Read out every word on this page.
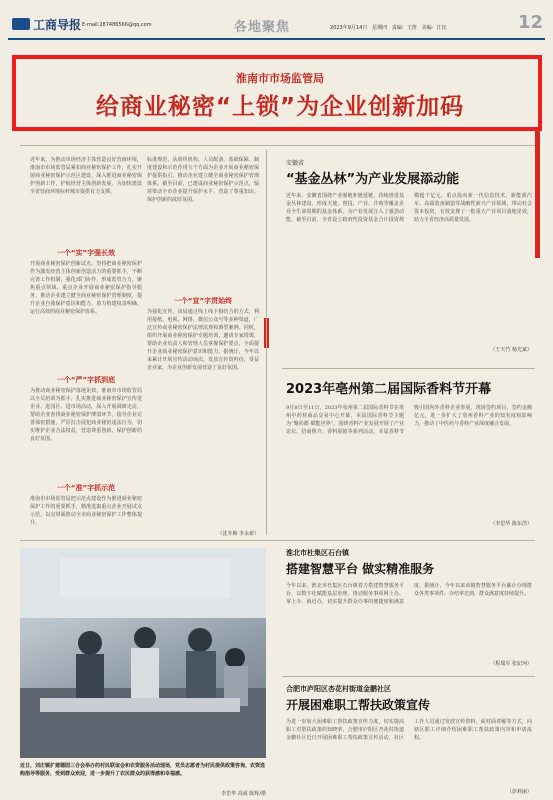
工商导报 E-mail:287486566@qq.com	各地聚焦	2023年9月14日 星期四 责编：王笛 美编：江珏	12
淮南市市场监管局
给商业秘密“上锁”为企业创新加码
近年来，为推动市场经济主体营造良好营商环境，淮南市市场监管局紧扣商业秘密保护工作，扎实开展商业秘密保护示范区建设，深入推进商业秘密保护创新工作，护航经营主体创新发展，为加快建设全省营商环境标杆城市提供有力支撑。
一个“实”字强长效
开展商业秘密保护创新试点，坚持把商业秘密保护作为激发经营主体创新创造活力的重要抓手，不断完善工作机制，强化部门协作，形成监管合力。聚焦重点领域、重点企业开展商业秘密保护指导服务，推动企业建立健全商业秘密保护管理制度，提升企业自我保护意识和能力，着力构建权责明确、运行高效的商业秘密保护体系。
一个“严”字抓到底
为推动商业秘密保护落地见效，淮南市市场监管局以全员培训为抓手，扎实推进商业秘密保护宣传进企业、进园区、进市场活动，深入开展调研走访，帮助企业查找商业秘密保护薄弱环节，指导企业完善保密措施，严厉打击侵犯商业秘密违法行为，切实维护企业合法权益，营造尊重创新、保护创新的良好氛围。
一个“准”字抓示范
淮南市市场监管局把示范点建设作为推进商业秘密保护工作的重要抓手，精准选取重点企业开展试点示范，以点带面推动全市商业秘密保护工作整体提升。
标准规范，从组织机构、人员配备、基础保障、制度建设和示范作用五个方面为企业开展商业秘密保护提供指引，推动企业建立健全商业秘密保护管理体系。截至目前，已建成商业秘密保护示范点，辐射带动全市企业提升保护水平，营造了尊重知识、保护创新的浓厚氛围。
一个“宣”字贯始终
为强化宣传，该局通过线上线下相结合的方式，利用报纸、电视、网络、微信公众号等多种渠道，广泛宣传商业秘密保护法律法规和典型案例。同时，组织开展商业秘密保护专题培训，邀请专家授课，帮助企业负责人和管理人员掌握保护要点，全面提升企业商业秘密保护意识和能力。据统计，今年以来累计开展宣传活动场次，发放宣传资料份，受益企业家，为企业创新发展营造了良好氛围。
（沈冬梅 李永新）
安徽省
“基金丛林”为产业发展添动能
近年来，安徽省围绕产业强链补链延链，持续推进基金丛林建设，形成天使、创投、产业、并购等覆盖企业全生命周期的基金体系，为产业发展注入了强劲动能。截至目前，全省设立政府性投资基金合计投资规模超千亿元，重点投向新一代信息技术、新能源汽车、高端装备制造等战略性新兴产业领域，带动社会资本投资，有效支撑了一批重大产业项目落地见效，助力全省经济高质量发展。
（王天竹 杨光斌）
2023年亳州第二届国际香料节开幕
9月8日至11日，2023年亳州第二届国际香料节在亳州中药材商品交易中心开幕，本届国际香料节主题为“聚药都 赋能世界”，围绕香料产业发展开展了产业论坛、招商推介、香料展销等系列活动。本届香料节吸引国内外香料企业参展，现场签约项目，签约金额亿元，进一步扩大了亳州香料产业的知名度和影响力，推动了中医药与香料产业深度融合发展。
（李思华 陈东浩）
近日，刘庄镇扩建德园三合会举办的村民联谊会和农资服务活动现场，党员志愿者为村民提供政策咨询、农资选购指导等服务，受到群众欢迎，进一步提升了农民群众的获得感和幸福感。
李思华 高成 陈辉/摄
淮北市杜集区石台镇
搭建智慧平台 做实精准服务
今年以来，淮北市杜集区石台镇着力搭建智慧服务平台，以数字化赋能基层治理，推动服务事项网上办、掌上办、就近办，切实提升群众办事的便捷度和满意度。据统计，今年以来该镇智慧服务平台累计办理群众各类事项件，办结率达到，群众满意度持续提升。
（程瑞军 张妃珂）
合肥市庐阳区杏花村街道金鹏社区
开展困难职工帮扶政策宣传
为进一步加大困难职工帮扶政策宣传力度，切实提高职工对帮扶政策的知晓率，合肥市庐阳区杏花村街道金鹏社区近日开展困难职工帮扶政策宣传活动，社区工作人员通过发放宣传资料、面对面讲解等方式，向辖区职工详细介绍困难职工帮扶政策内容和申请流程。
（彭莉丽）
